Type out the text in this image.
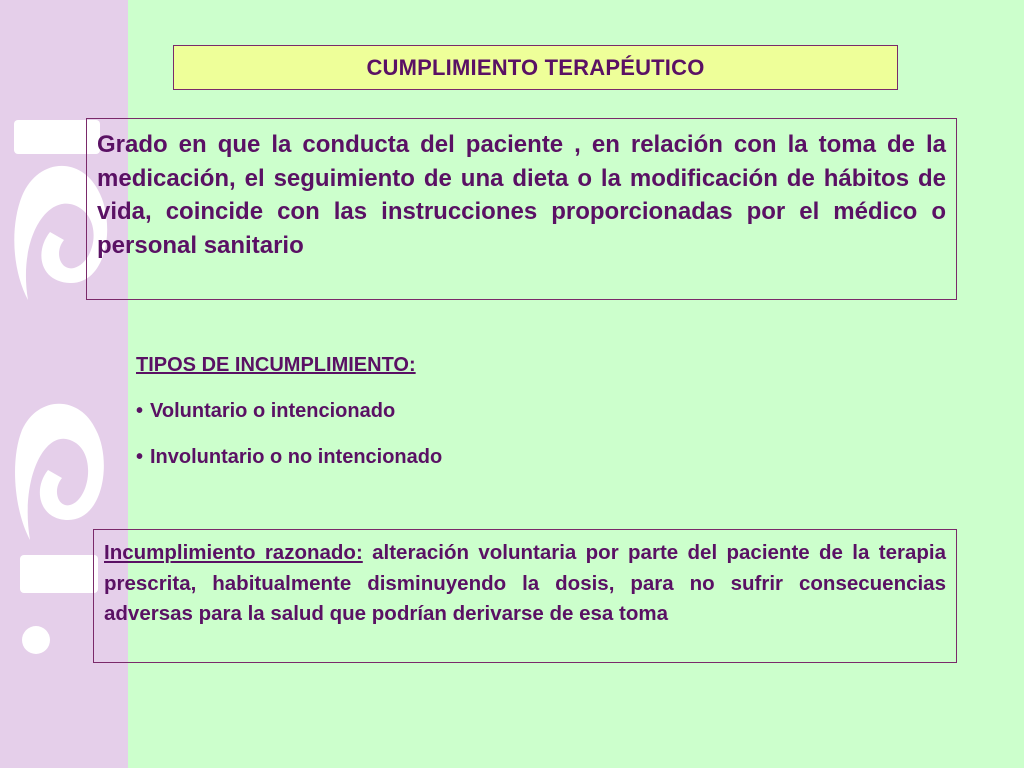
CUMPLIMIENTO TERAPÉUTICO

Grado en que la conducta del paciente , en relación con la toma de la medicación, el seguimiento de una dieta o la modificación de hábitos de vida, coincide con las instrucciones proporcionadas por el médico o personal sanitario

TIPOS DE INCUMPLIMIENTO:
• Voluntario o intencionado
• Involuntario o no intencionado

Incumplimiento razonado: alteración voluntaria por parte del paciente de la terapia prescrita, habitualmente disminuyendo la dosis, para no sufrir consecuencias adversas para la salud que podrían derivarse de esa toma
